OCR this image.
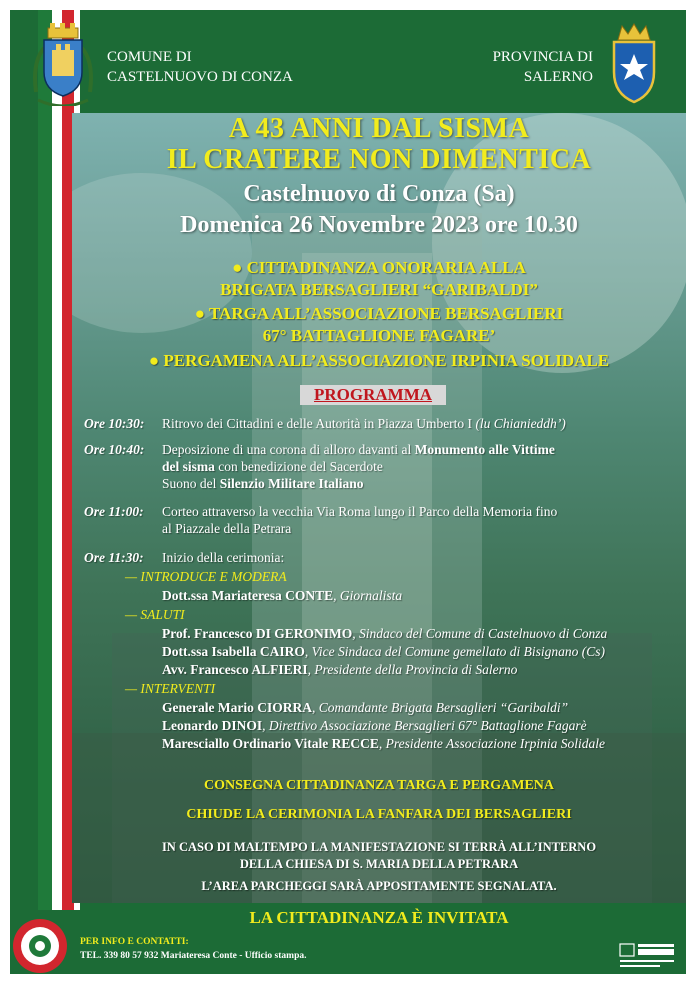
COMUNE DI
CASTELNUOVO DI CONZA
PROVINCIA DI
SALERNO
A 43 ANNI DAL SISMA
IL CRATERE NON DIMENTICA
Castelnuovo di Conza (Sa)
Domenica 26 Novembre 2023 ore 10.30
● CITTADINANZA ONORARIA ALLA
BRIGATA BERSAGLIERI “GARIBALDI”
● TARGA ALL’ASSOCIAZIONE BERSAGLIERI
67° BATTAGLIONE FAGARE’
● PERGAMENA ALL’ASSOCIAZIONE IRPINIA SOLIDALE
PROGRAMMA
Ore 10:30: Ritrovo dei Cittadini e delle Autorità in Piazza Umberto I (lu Chianieddh’)
Ore 10:40: Deposizione di una corona di alloro davanti al Monumento alle Vittime
del sisma con benedizione del Sacerdote
Suono del Silenzio Militare Italiano
Ore 11:00: Corteo attraverso la vecchia Via Roma lungo il Parco della Memoria fino
al Piazzale della Petrara
Ore 11:30: Inizio della cerimonia:
— INTRODUCE E MODERA
Dott.ssa Mariateresa CONTE, Giornalista
— SALUTI
Prof. Francesco DI GERONIMO, Sindaco del Comune di Castelnuovo di Conza
Dott.ssa Isabella CAIRO, Vice Sindaca del Comune gemellato di Bisignano (Cs)
Avv. Francesco ALFIERI, Presidente della Provincia di Salerno
— INTERVENTI
Generale Mario CIORRA, Comandante Brigata Bersaglieri “Garibaldi”
Leonardo DINOI, Direttivo Associazione Bersaglieri 67° Battaglione Fagarè
Maresciallo Ordinario Vitale RECCE, Presidente Associazione Irpinia Solidale
CONSEGNA CITTADINANZA TARGA E PERGAMENA
CHIUDE LA CERIMONIA LA FANFARA DEI BERSAGLIERI
IN CASO DI MALTEMPO LA MANIFESTAZIONE SI TERRÀ ALL’INTERNO
DELLA CHIESA DI S. MARIA DELLA PETRARA
L’AREA PARCHEGGI SARÀ APPOSITAMENTE SEGNALATA.
LA CITTADINANZA È INVITATA
PER INFO E CONTATTI:
TEL. 339 80 57 932 Mariateresa Conte - Ufficio stampa.
